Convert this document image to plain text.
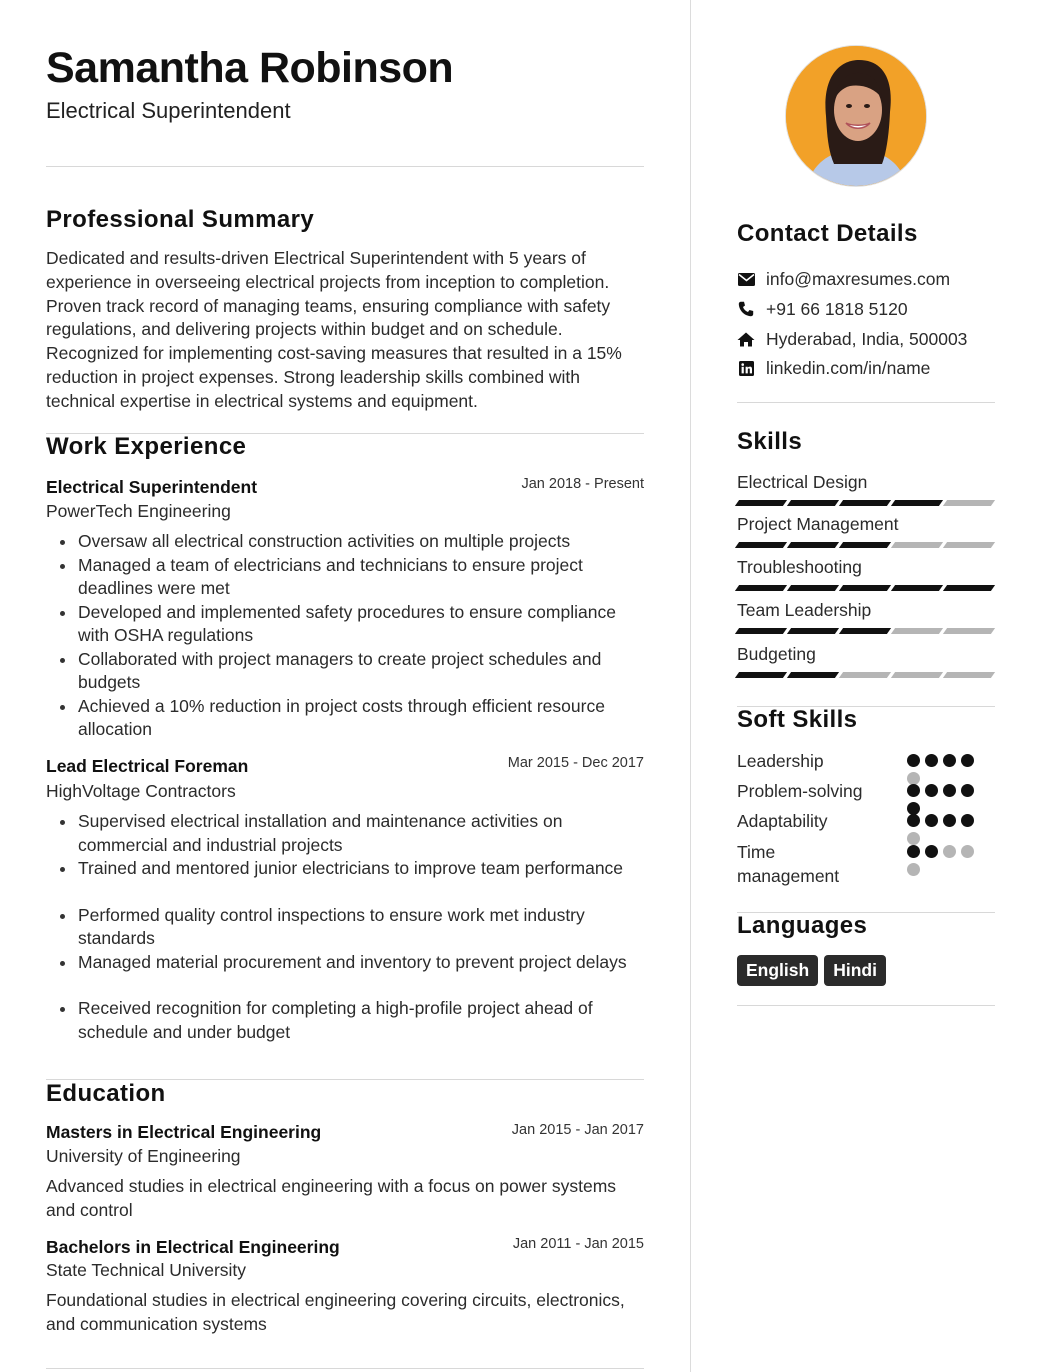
Samantha Robinson
Electrical Superintendent
Professional Summary
Dedicated and results-driven Electrical Superintendent with 5 years of experience in overseeing electrical projects from inception to completion. Proven track record of managing teams, ensuring compliance with safety regulations, and delivering projects within budget and on schedule. Recognized for implementing cost-saving measures that resulted in a 15% reduction in project expenses. Strong leadership skills combined with technical expertise in electrical systems and equipment.
Work Experience
Electrical Superintendent	Jan 2018 - Present
PowerTech Engineering
Oversaw all electrical construction activities on multiple projects
Managed a team of electricians and technicians to ensure project deadlines were met
Developed and implemented safety procedures to ensure compliance with OSHA regulations
Collaborated with project managers to create project schedules and budgets
Achieved a 10% reduction in project costs through efficient resource allocation
Lead Electrical Foreman	Mar 2015 - Dec 2017
HighVoltage Contractors
Supervised electrical installation and maintenance activities on commercial and industrial projects
Trained and mentored junior electricians to improve team performance
Performed quality control inspections to ensure work met industry standards
Managed material procurement and inventory to prevent project delays
Received recognition for completing a high-profile project ahead of schedule and under budget
Education
Masters in Electrical Engineering	Jan 2015 - Jan 2017
University of Engineering
Advanced studies in electrical engineering with a focus on power systems and control
Bachelors in Electrical Engineering	Jan 2011 - Jan 2015
State Technical University
Foundational studies in electrical engineering covering circuits, electronics, and communication systems
Contact Details
info@maxresumes.com
+91 66 1818 5120
Hyderabad, India, 500003
linkedin.com/in/name
Skills
Electrical Design
Project Management
Troubleshooting
Team Leadership
Budgeting
Soft Skills
Leadership
Problem-solving
Adaptability
Time management
Languages
English	Hindi
